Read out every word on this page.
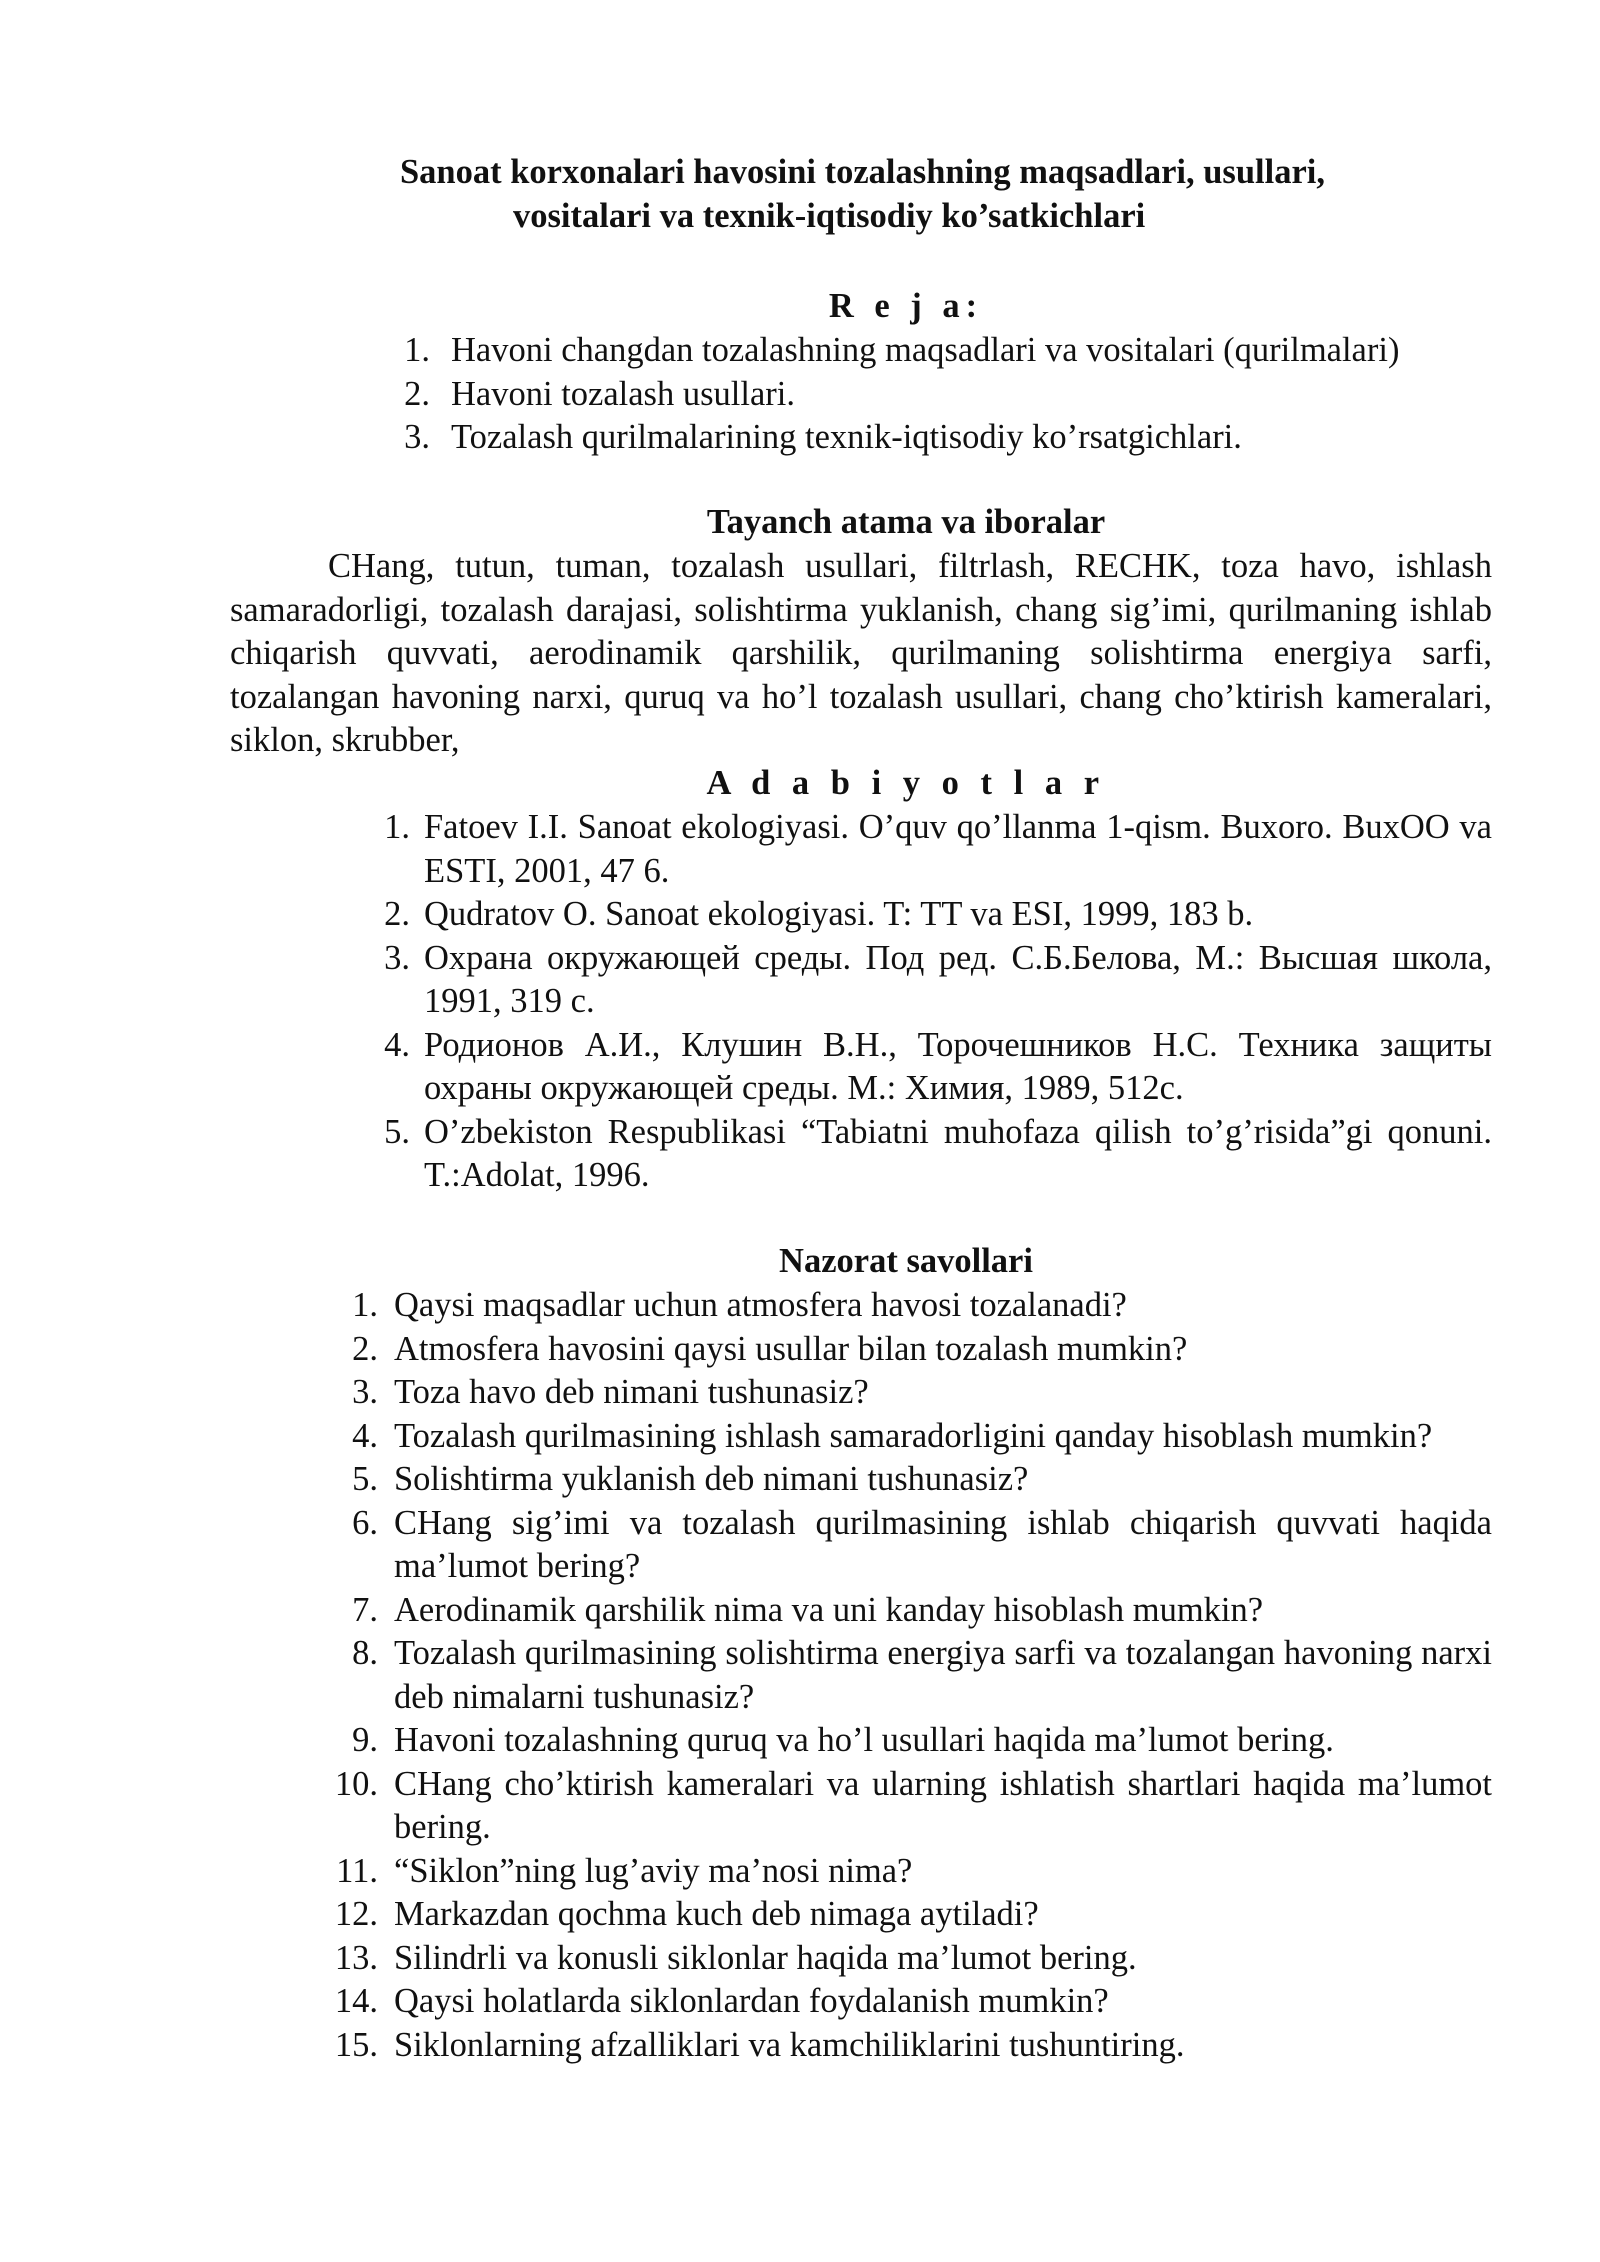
Sanoat korxonalari havosini tozalashning maqsadlari, usullari,
vositalari va texnik-iqtisodiy ko’satkichlari
R e j a:
1. Havoni changdan tozalashning maqsadlari va vositalari (qurilmalari)
2. Havoni tozalash usullari.
3. Tozalash qurilmalarining texnik-iqtisodiy ko’rsatgichlari.
Tayanch atama va iboralar
CHang, tutun, tuman, tozalash usullari, filtrlash, RECHK, toza havo, ishlash samaradorligi, tozalash darajasi, solishtirma yuklanish, chang sig’imi, qurilmaning ishlab chiqarish quvvati, aerodinamik qarshilik, qurilmaning solishtirma energiya sarfi, tozalangan havoning narxi, quruq va ho’l tozalash usullari, chang cho’ktirish kameralari, siklon, skrubber,
A d a b i y o t l a r
1. Fatoev I.I. Sanoat ekologiyasi. O’quv qo’llanma 1-qism. Buxoro. BuxOO va ESTI, 2001, 47 6.
2. Qudratov O. Sanoat ekologiyasi. T: TT va ESI, 1999, 183 b.
3. Охрана окружающей среды. Под ред. С.Б.Белова, М.: Высшая школа, 1991, 319 с.
4. Родионов А.И., Клушин В.Н., Торочешников Н.С. Техника защиты охраны окружающей среды. М.: Химия, 1989, 512с.
5. O’zbekiston Respublikasi “Tabiatni muhofaza qilish to’g’risida”gi qonuni. T.:Adolat, 1996.
Nazorat savollari
1. Qaysi maqsadlar uchun atmosfera havosi tozalanadi?
2. Atmosfera havosini qaysi usullar bilan tozalash mumkin?
3. Toza havo deb nimani tushunasiz?
4. Tozalash qurilmasining ishlash samaradorligini qanday hisoblash mumkin?
5. Solishtirma yuklanish deb nimani tushunasiz?
6. CHang sig’imi va tozalash qurilmasining ishlab chiqarish quvvati haqida ma’lumot bering?
7. Aerodinamik qarshilik nima va uni kanday hisoblash mumkin?
8. Tozalash qurilmasining solishtirma energiya sarfi va tozalangan havoning narxi deb nimalarni tushunasiz?
9. Havoni tozalashning quruq va ho’l usullari haqida ma’lumot bering.
10. CHang cho’ktirish kameralari va ularning ishlatish shartlari haqida ma’lumot bering.
11. “Siklon”ning lug’aviy ma’nosi nima?
12. Markazdan qochma kuch deb nimaga aytiladi?
13. Silindrli va konusli siklonlar haqida ma’lumot bering.
14. Qaysi holatlarda siklonlardan foydalanish mumkin?
15. Siklonlarning afzalliklari va kamchiliklarini tushuntiring.
